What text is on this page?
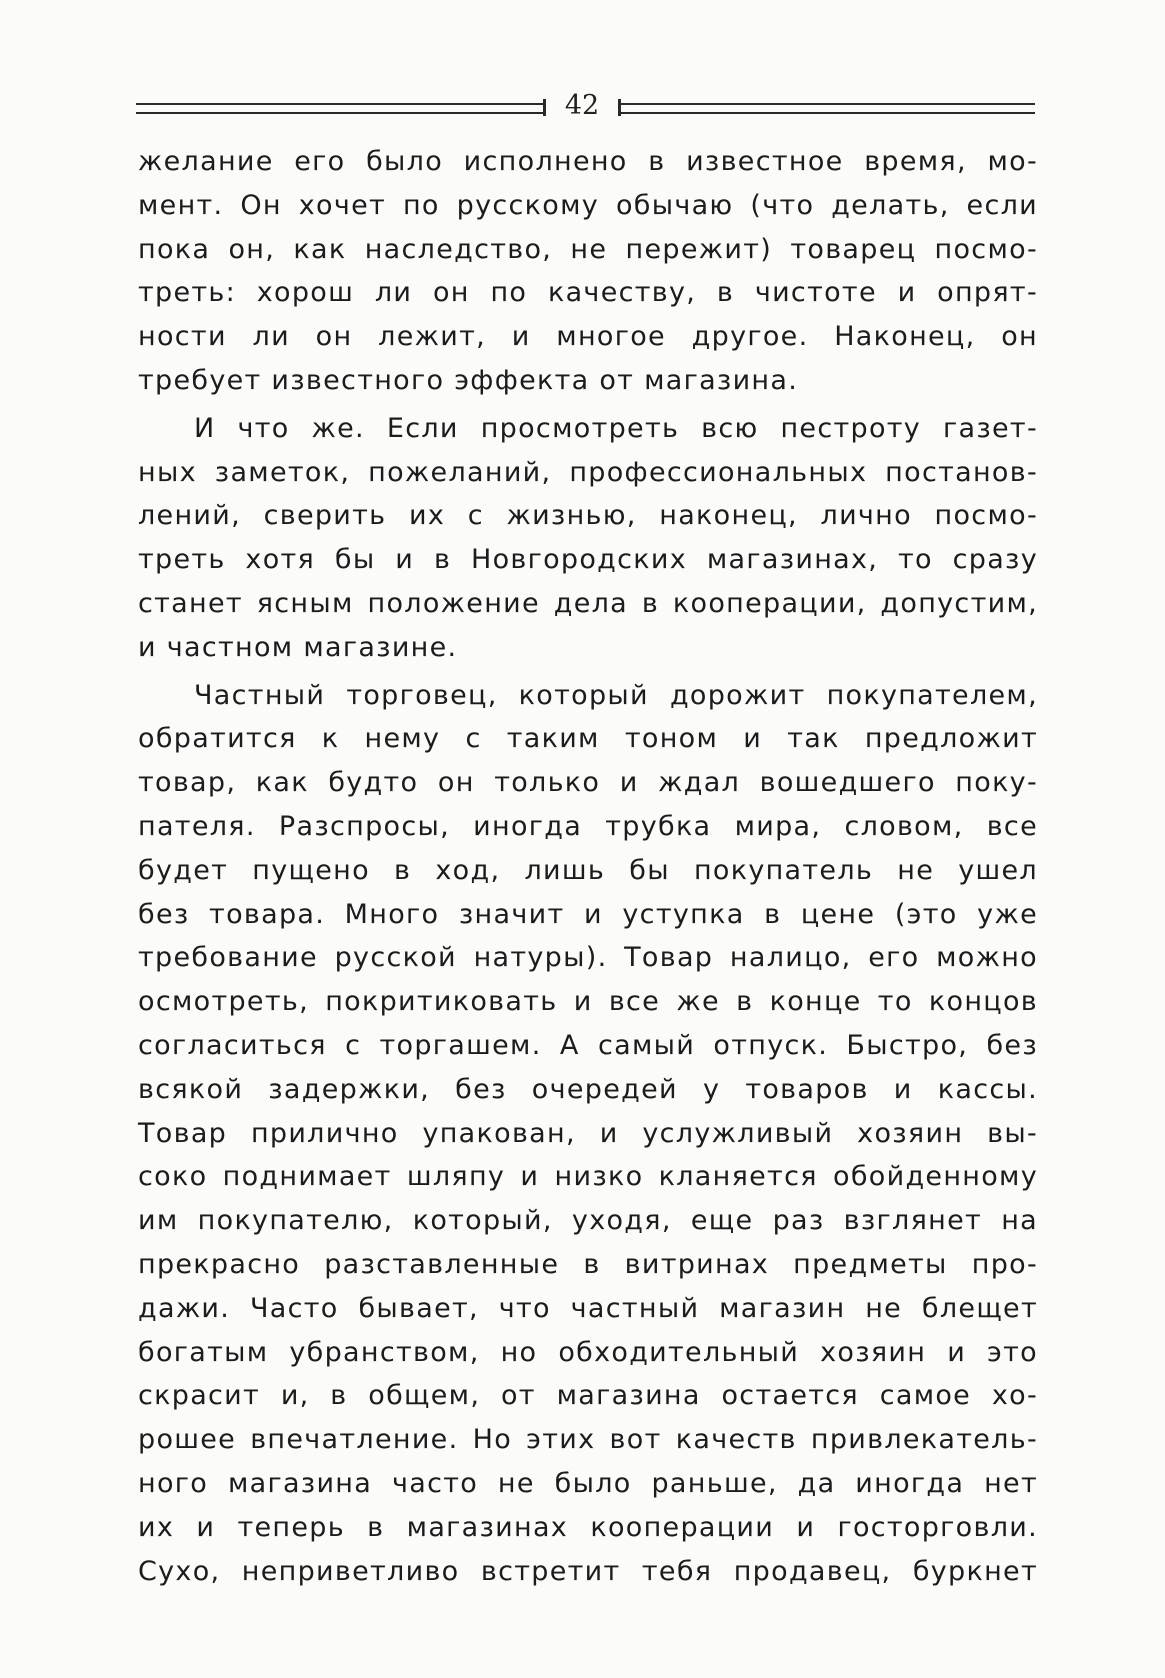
42
желание его было исполнено в известное время, мо-
мент. Он хочет по русскому обычаю (что делать, если
пока он, как наследство, не пережит) товарец посмо-
треть: хорош ли он по качеству, в чистоте и опрят-
ности ли он лежит, и многое другое. Наконец, он
требует известного эффекта от магазина.
И что же. Если просмотреть всю пестроту газет-
ных заметок, пожеланий, профессиональных постанов-
лений, сверить их с жизнью, наконец, лично посмо-
треть хотя бы и в Новгородских магазинах, то сразу
станет ясным положение дела в кооперации, допустим,
и частном магазине.
Частный торговец, который дорожит покупателем,
обратится к нему с таким тоном и так предложит
товар, как будто он только и ждал вошедшего поку-
пателя. Разспросы, иногда трубка мира, словом, все
будет пущено в ход, лишь бы покупатель не ушел
без товара. Много значит и уступка в цене (это уже
требование русской натуры). Товар налицо, его можно
осмотреть, покритиковать и все же в конце то концов
согласиться с торгашем. А самый отпуск. Быстро, без
всякой задержки, без очередей у товаров и кассы.
Товар прилично упакован, и услужливый хозяин вы-
соко поднимает шляпу и низко кланяется обойденному
им покупателю, который, уходя, еще раз взглянет на
прекрасно разставленные в витринах предметы про-
дажи. Часто бывает, что частный магазин не блещет
богатым убранством, но обходительный хозяин и это
скрасит и, в общем, от магазина остается самое хо-
рошее впечатление. Но этих вот качеств привлекатель-
ного магазина часто не было раньше, да иногда нет
их и теперь в магазинах кооперации и госторговли.
Сухо, неприветливо встретит тебя продавец, буркнет
